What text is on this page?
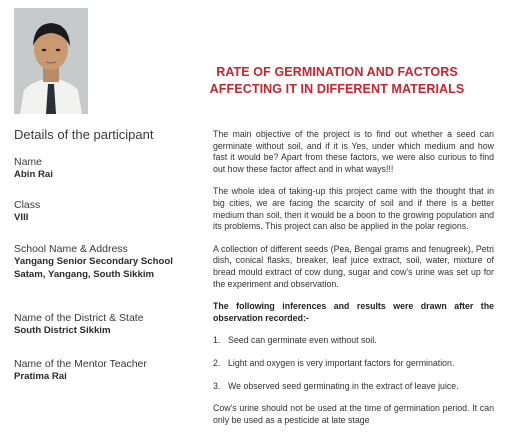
RATE OF GERMINATION AND FACTORS
AFFECTING IT IN DIFFERENT MATERIALS
Details of the participant
Name
Abin Rai
Class
VIII
School Name & Address
Yangang Senior Secondary School
Satam, Yangang, South Sikkim
Name of the District & State
South District Sikkim
Name of the Mentor Teacher
Pratima Rai

The main objective of the project is to find out whether a seed can germinate without soil, and if it is Yes, under which medium and how fast it would be? Apart from these factors, we were also curious to find out how these factor affect and in what ways!!!

The whole idea of taking-up this project came with the thought that in big cities, we are facing the scarcity of soil and if there is a better medium than soil, then it would be a boon to the growing population and its problems. This project can also be applied in the polar regions.

A collection of different seeds (Pea, Bengal grams and fenugreek), Petri dish, conical flasks, breaker, leaf juice extract, soil, water, mixture of bread mould extract of cow dung, sugar and cow's urine was set up for the experiment and observation.

The following inferences and results were drawn after the observation recorded:-

1. Seed can germinate even without soil.
2. Light and oxygen is very important factors for germination.
3. We observed seed germinating in the extract of leave juice.

Cow's urine should not be used at the time of germination period. It can only be used as a pesticide at late stage
